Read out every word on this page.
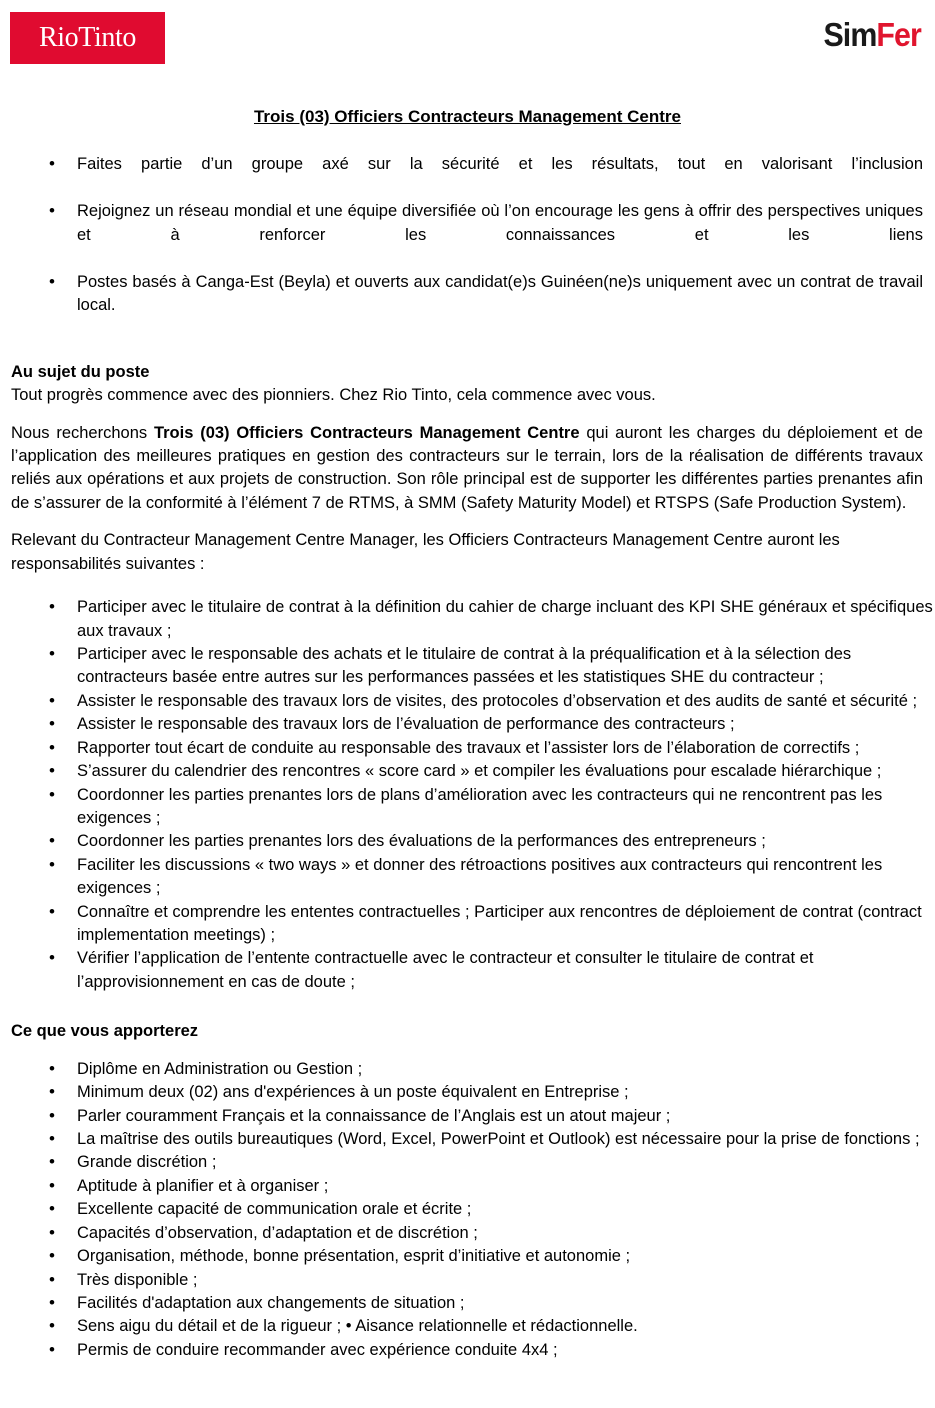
RioTinto	SimFer
Trois (03) Officiers Contracteurs Management Centre
• Faites partie d’un groupe axé sur la sécurité et les résultats, tout en valorisant l’inclusion
• Rejoignez un réseau mondial et une équipe diversifiée où l’on encourage les gens à offrir des perspectives uniques et à renforcer les connaissances et les liens
• Postes basés à Canga-Est (Beyla) et ouverts aux candidat(e)s Guinéen(ne)s uniquement avec un contrat de travail local.

Au sujet du poste

Tout progrès commence avec des pionniers. Chez Rio Tinto, cela commence avec vous.

Nous recherchons Trois (03) Officiers Contracteurs Management Centre qui auront les charges du déploiement et de l’application des meilleures pratiques en gestion des contracteurs sur le terrain, lors de la réalisation de différents travaux reliés aux opérations et aux projets de construction. Son rôle principal est de supporter les différentes parties prenantes afin de s’assurer de la conformité à l’élément 7 de RTMS, à SMM (Safety Maturity Model) et RTSPS (Safe Production System).

Relevant du Contracteur Management Centre Manager, les Officiers Contracteurs Management Centre auront les responsabilités suivantes :

• Participer avec le titulaire de contrat à la définition du cahier de charge incluant des KPI SHE généraux et spécifiques aux travaux ;
• Participer avec le responsable des achats et le titulaire de contrat à la préqualification et à la sélection des contracteurs basée entre autres sur les performances passées et les statistiques SHE du contracteur ;
• Assister le responsable des travaux lors de visites, des protocoles d’observation et des audits de santé et sécurité ;
• Assister le responsable des travaux lors de l’évaluation de performance des contracteurs ;
• Rapporter tout écart de conduite au responsable des travaux et l’assister lors de l’élaboration de correctifs ;
• S’assurer du calendrier des rencontres « score card » et compiler les évaluations pour escalade hiérarchique ;
• Coordonner les parties prenantes lors de plans d’amélioration avec les contracteurs qui ne rencontrent pas les exigences ;
• Coordonner les parties prenantes lors des évaluations de la performances des entrepreneurs ;
• Faciliter les discussions « two ways » et donner des rétroactions positives aux contracteurs qui rencontrent les exigences ;
• Connaître et comprendre les ententes contractuelles ; Participer aux rencontres de déploiement de contrat (contract implementation meetings) ;
• Vérifier l’application de l’entente contractuelle avec le contracteur et consulter le titulaire de contrat et l’approvisionnement en cas de doute ;

Ce que vous apporterez

• Diplôme en Administration ou Gestion ;
• Minimum deux (02) ans d'expériences à un poste équivalent en Entreprise ;
• Parler couramment Français et la connaissance de l’Anglais est un atout majeur ;
• La maîtrise des outils bureautiques (Word, Excel, PowerPoint et Outlook) est nécessaire pour la prise de fonctions ;
• Grande discrétion ;
• Aptitude à planifier et à organiser ;
• Excellente capacité de communication orale et écrite ;
• Capacités d’observation, d’adaptation et de discrétion ;
• Organisation, méthode, bonne présentation, esprit d’initiative et autonomie ;
• Très disponible ;
• Facilités d'adaptation aux changements de situation ;
• Sens aigu du détail et de la rigueur ; • Aisance relationnelle et rédactionnelle.
• Permis de conduire recommander avec expérience conduite 4x4 ;
